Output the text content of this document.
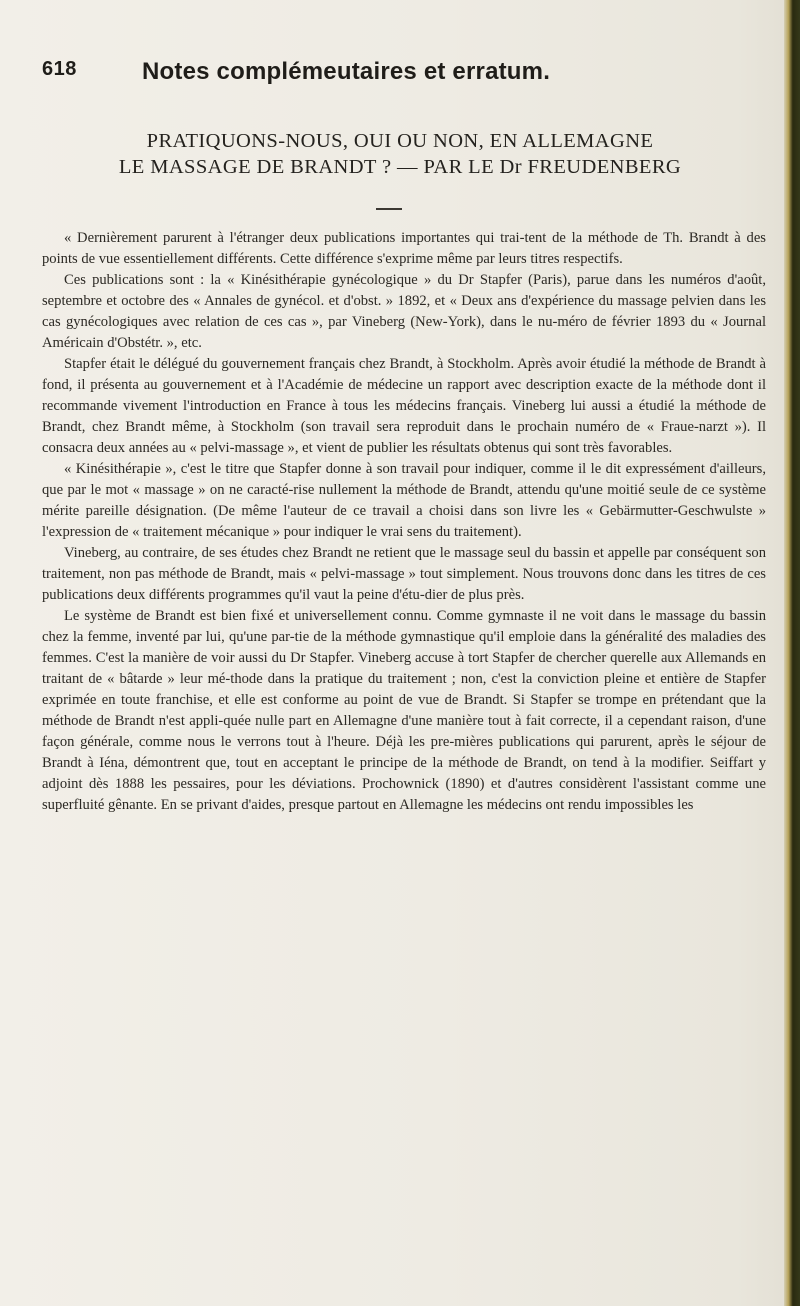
618	Notes complémeutaires et erratum.
PRATIQUONS-NOUS, OUI OU NON, EN ALLEMAGNE
LE MASSAGE DE BRANDT ? — PAR LE Dr FREUDENBERG

« Dernièrement parurent à l'étranger deux publications importantes qui trai-tent de la méthode de Th. Brandt à des points de vue essentiellement différents. Cette différence s'exprime même par leurs titres respectifs.

Ces publications sont : la « Kinésithérapie gynécologique » du Dr Stapfer (Paris), parue dans les numéros d'août, septembre et octobre des « Annales de gynécol. et d'obst. » 1892, et « Deux ans d'expérience du massage pelvien dans les cas gynécologiques avec relation de ces cas », par Vineberg (New-York), dans le nu-méro de février 1893 du « Journal Américain d'Obstétr. », etc.

Stapfer était le délégué du gouvernement français chez Brandt, à Stockholm. Après avoir étudié la méthode de Brandt à fond, il présenta au gouvernement et à l'Académie de médecine un rapport avec description exacte de la méthode dont il recommande vivement l'introduction en France à tous les médecins français. Vineberg lui aussi a étudié la méthode de Brandt, chez Brandt même, à Stockholm (son travail sera reproduit dans le prochain numéro de « Fraue-narzt »). Il consacra deux années au « pelvi-massage », et vient de publier les résultats obtenus qui sont très favorables.

« Kinésithérapie », c'est le titre que Stapfer donne à son travail pour indiquer, comme il le dit expressément d'ailleurs, que par le mot « massage » on ne caracté-rise nullement la méthode de Brandt, attendu qu'une moitié seule de ce système mérite pareille désignation. (De même l'auteur de ce travail a choisi dans son livre les « Gebärmutter-Geschwulste » l'expression de « traitement mécanique » pour indiquer le vrai sens du traitement).

Vineberg, au contraire, de ses études chez Brandt ne retient que le massage seul du bassin et appelle par conséquent son traitement, non pas méthode de Brandt, mais « pelvi-massage » tout simplement. Nous trouvons donc dans les titres de ces publications deux différents programmes qu'il vaut la peine d'étu-dier de plus près.

Le système de Brandt est bien fixé et universellement connu. Comme gymnaste il ne voit dans le massage du bassin chez la femme, inventé par lui, qu'une par-tie de la méthode gymnastique qu'il emploie dans la généralité des maladies des femmes. C'est la manière de voir aussi du Dr Stapfer. Vineberg accuse à tort Stapfer de chercher querelle aux Allemands en traitant de « bâtarde » leur mé-thode dans la pratique du traitement ; non, c'est la conviction pleine et entière de Stapfer exprimée en toute franchise, et elle est conforme au point de vue de Brandt. Si Stapfer se trompe en prétendant que la méthode de Brandt n'est appli-quée nulle part en Allemagne d'une manière tout à fait correcte, il a cependant raison, d'une façon générale, comme nous le verrons tout à l'heure. Déjà les pre-mières publications qui parurent, après le séjour de Brandt à Iéna, démontrent que, tout en acceptant le principe de la méthode de Brandt, on tend à la modifier. Seiffart y adjoint dès 1888 les pessaires, pour les déviations. Prochownick (1890) et d'autres considèrent l'assistant comme une superfluité gênante. En se privant d'aides, presque partout en Allemagne les médecins ont rendu impossibles les
